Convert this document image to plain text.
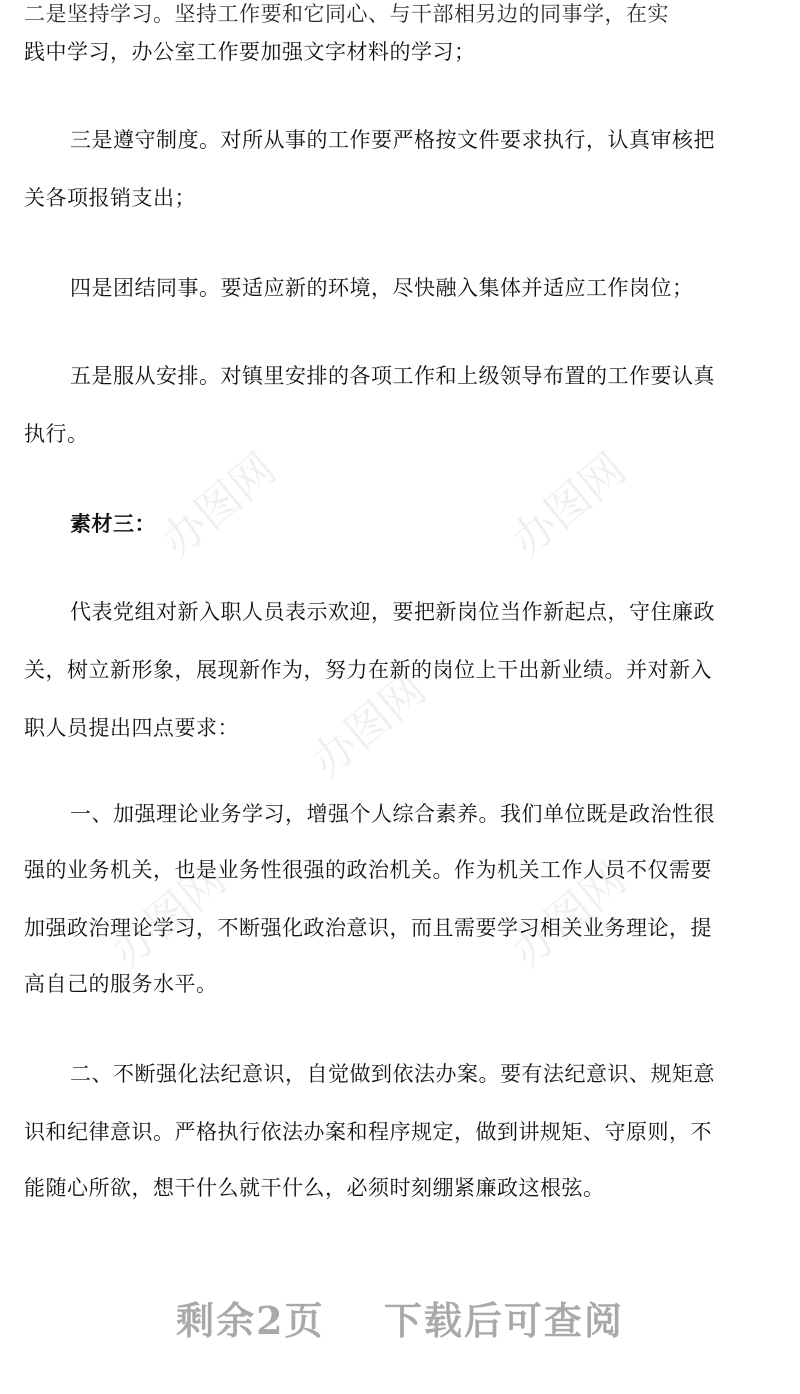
二是坚持学习。坚持工作要和它同心、与干部相另边的同事学，在实
践中学习，办公室工作要加强文字材料的学习；
三是遵守制度。对所从事的工作要严格按文件要求执行，认真审核把
关各项报销支出；
四是团结同事。要适应新的环境，尽快融入集体并适应工作岗位；
五是服从安排。对镇里安排的各项工作和上级领导布置的工作要认真
执行。
素材三：
代表党组对新入职人员表示欢迎，要把新岗位当作新起点，守住廉政
关，树立新形象，展现新作为，努力在新的岗位上干出新业绩。并对新入
职人员提出四点要求：
一、加强理论业务学习，增强个人综合素养。我们单位既是政治性很
强的业务机关，也是业务性很强的政治机关。作为机关工作人员不仅需要
加强政治理论学习，不断强化政治意识，而且需要学习相关业务理论，提
高自己的服务水平。
二、不断强化法纪意识，自觉做到依法办案。要有法纪意识、规矩意
识和纪律意识。严格执行依法办案和程序规定，做到讲规矩、守原则，不
能随心所欲，想干什么就干什么，必须时刻绷紧廉政这根弦。
办图网	办图网
办图网
办图网	办图网
剩余2页 下载后可查阅
